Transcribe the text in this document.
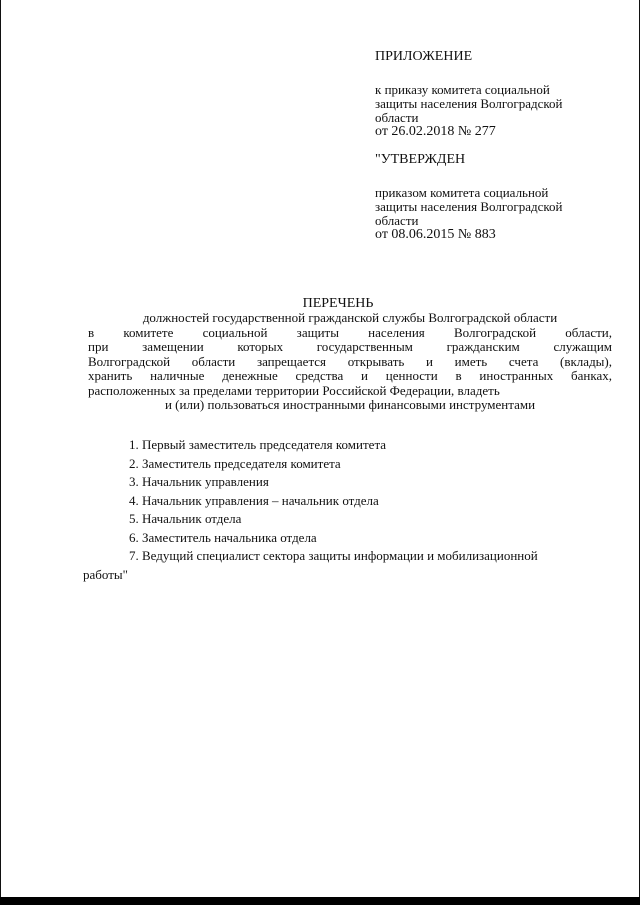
ПРИЛОЖЕНИЕ
к приказу комитета социальной
защиты населения Волгоградской
области
от 26.02.2018 № 277
"УТВЕРЖДЕН
приказом комитета социальной
защиты населения Волгоградской
области
от 08.06.2015 № 883
ПЕРЕЧЕНЬ
должностей государственной гражданской службы Волгоградской области
в комитете социальной защиты населения Волгоградской области,
при замещении которых государственным гражданским служащим
Волгоградской области запрещается открывать и иметь счета (вклады),
хранить наличные денежные средства и ценности в иностранных банках,
расположенных за пределами территории Российской Федерации, владеть
и (или) пользоваться иностранными финансовыми инструментами
1. Первый заместитель председателя комитета
2. Заместитель председателя комитета
3. Начальник управления
4. Начальник управления – начальник отдела
5. Начальник отдела
6. Заместитель начальника отдела
7. Ведущий специалист сектора защиты информации и мобилизационной
работы"
